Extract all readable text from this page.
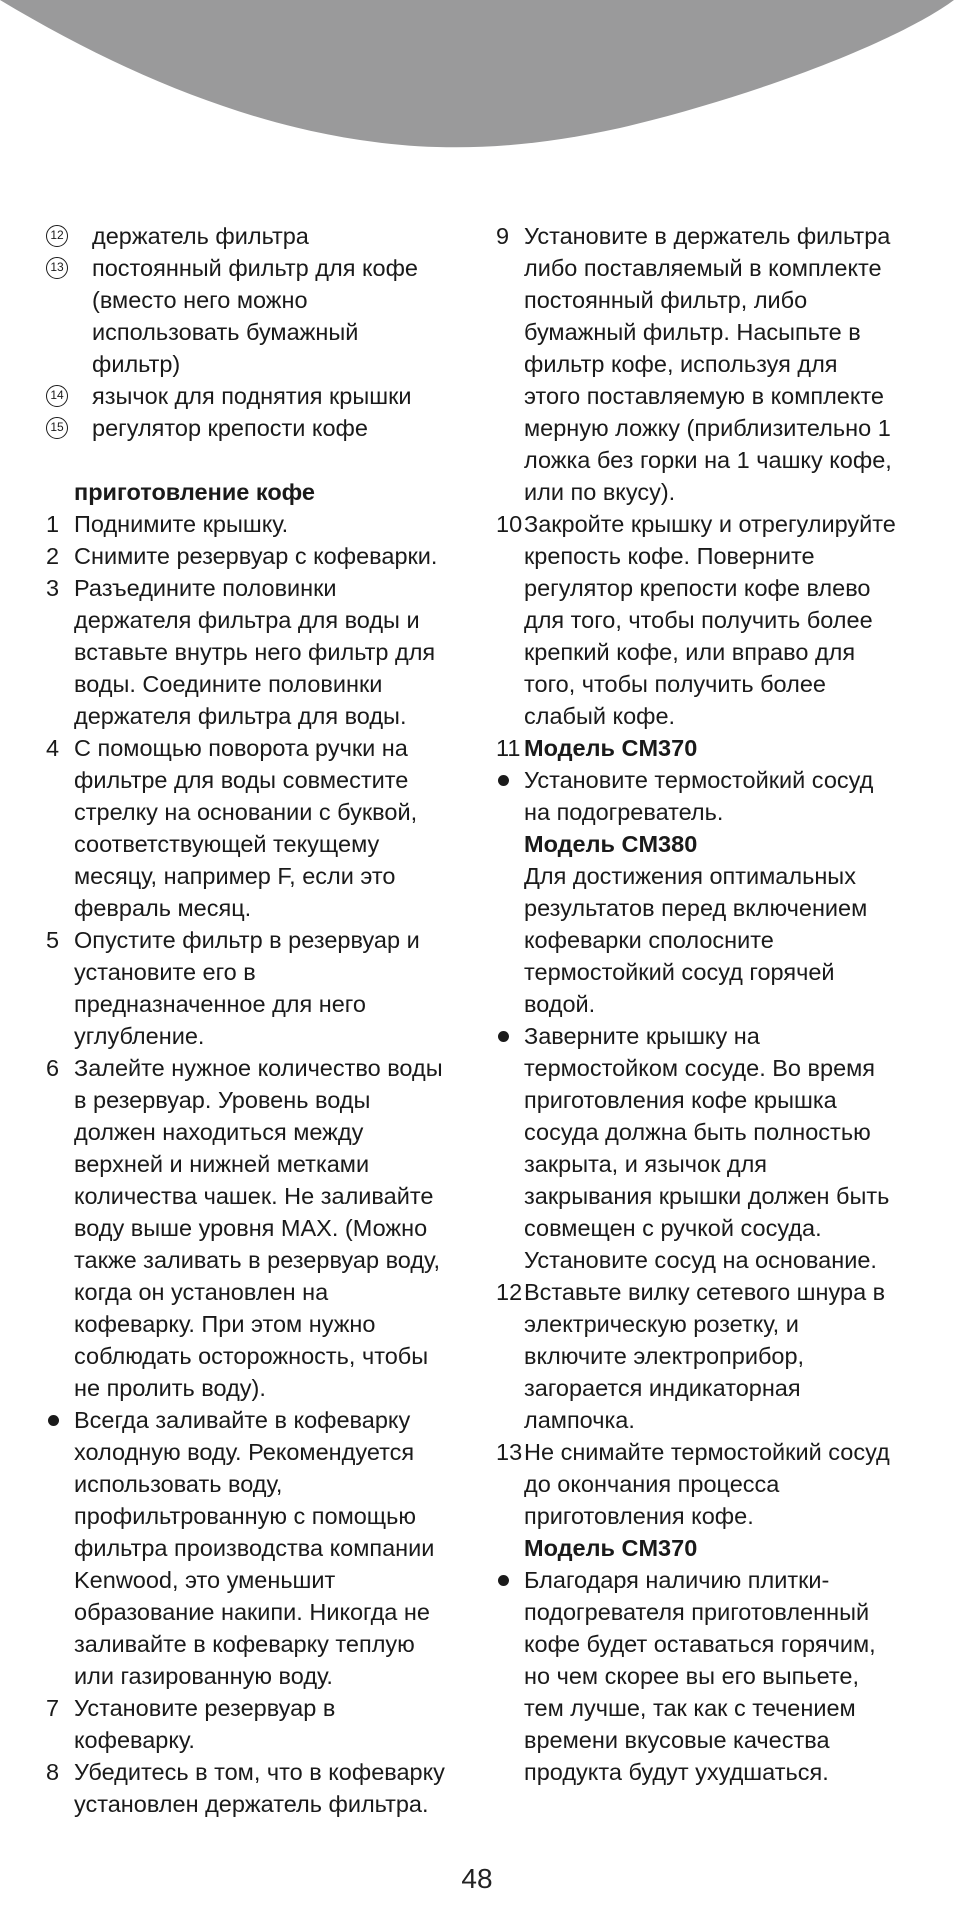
12 держатель фильтра
13 постоянный фильтр для кофе
(вместо него можно
использовать бумажный
фильтр)
14 язычок для поднятия крышки
15 регулятор крепости кофе
приготовление кофе
1 Поднимите крышку.
2 Снимите резервуар с кофеварки.
3 Разъедините половинки
держателя фильтра для воды и
вставьте внутрь него фильтр для
воды. Соедините половинки
держателя фильтра для воды.
4 С помощью поворота ручки на
фильтре для воды совместите
стрелку на основании с буквой,
соответствующей текущему
месяцу, например F, если это
февраль месяц.
5 Опустите фильтр в резервуар и
установите его в
предназначенное для него
углубление.
6 Залейте нужное количество воды
в резервуар. Уровень воды
должен находиться между
верхней и нижней метками
количества чашек. Не заливайте
воду выше уровня MAX. (Можно
также заливать в резервуар воду,
когда он установлен на
кофеварку. При этом нужно
соблюдать осторожность, чтобы
не пролить воду).
Всегда заливайте в кофеварку
холодную воду. Рекомендуется
использовать воду,
профильтрованную с помощью
фильтра производства компании
Kenwood, это уменьшит
образование накипи. Никогда не
заливайте в кофеварку теплую
или газированную воду.
7 Установите резервуар в
кофеварку.
8 Убедитесь в том, что в кофеварку
установлен держатель фильтра.
9 Установите в держатель фильтра
либо поставляемый в комплекте
постоянный фильтр, либо
бумажный фильтр. Насыпьте в
фильтр кофе, используя для
этого поставляемую в комплекте
мерную ложку (приблизительно 1
ложка без горки на 1 чашку кофе,
или по вкусу).
10 Закройте крышку и отрегулируйте
крепость кофе. Поверните
регулятор крепости кофе влево
для того, чтобы получить более
крепкий кофе, или вправо для
того, чтобы получить более
слабый кофе.
11 Модель CM370
Установите термостойкий сосуд
на подогреватель.
Модель CM380
Для достижения оптимальных
результатов перед включением
кофеварки сполосните
термостойкий сосуд горячей
водой.
Заверните крышку на
термостойком сосуде. Во время
приготовления кофе крышка
сосуда должна быть полностью
закрыта, и язычок для
закрывания крышки должен быть
совмещен с ручкой сосуда.
Установите сосуд на основание.
12 Вставьте вилку сетевого шнура в
электрическую розетку, и
включите электроприбор,
загорается индикаторная
лампочка.
13 Не снимайте термостойкий сосуд
до окончания процесса
приготовления кофе.
Модель CM370
Благодаря наличию плитки-
подогревателя приготовленный
кофе будет оставаться горячим,
но чем скорее вы его выпьете,
тем лучше, так как с течением
времени вкусовые качества
продукта будут ухудшаться.
48
